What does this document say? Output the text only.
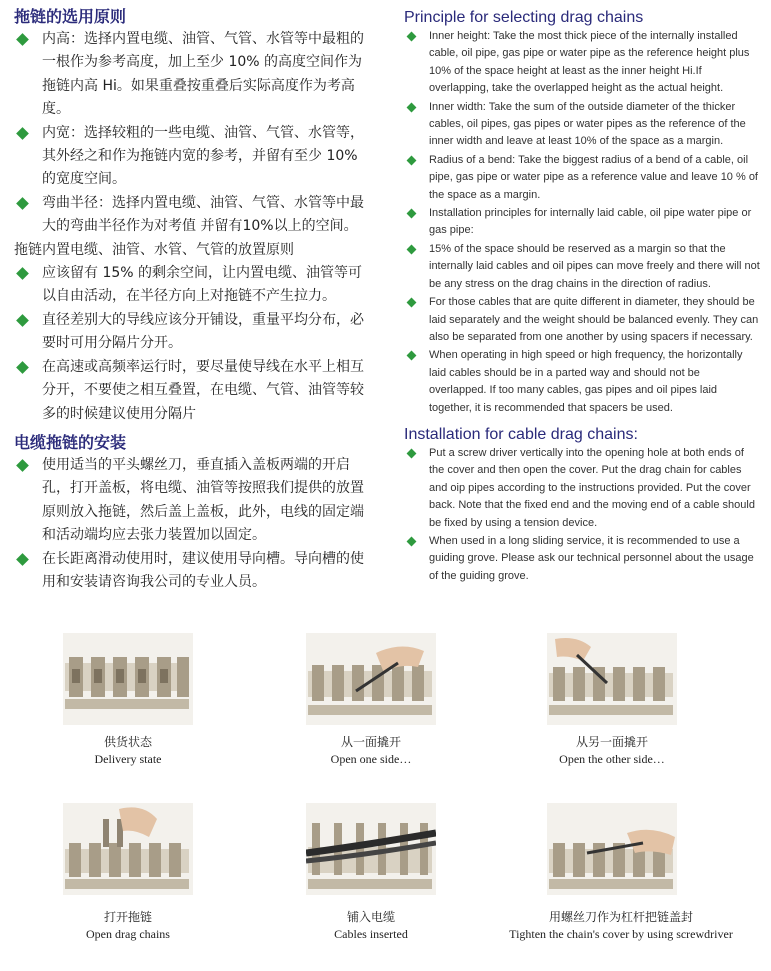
拖链的选用原则
内高：选择内置电缆、油管、气管、水管等中最粗的一根作为参考高度，加上至少 10% 的高度空间作为拖链内高 Hi。如果重叠按重叠后实际高度作为考高度。
内宽：选择较粗的一些电缆、油管、气管、水管等，其外经之和作为拖链内宽的参考，并留有至少 10% 的宽度空间。
弯曲半径：选择内置电缆、油管、气管、水管等中最大的弯曲半径作为对考值 并留有10%以上的空间。
拖链内置电缆、油管、水管、气管的放置原则
应该留有 15% 的剩余空间，让内置电缆、油管等可以自由活动，在半径方向上对拖链不产生拉力。
直径差别大的导线应该分开铺设，重量平均分布，必要时可用分隔片分开。
在高速或高频率运行时，要尽量使导线在水平上相互分开，不要使之相互叠置，在电缆、气管、油管等较多的时候建议使用分隔片
电缆拖链的安装
使用适当的平头螺丝刀，垂直插入盖板两端的开启孔，打开盖板，将电缆、油管等按照我们提供的放置原则放入拖链，然后盖上盖板，此外，电线的固定端和活动端均应去张力装置加以固定。
在长距离滑动使用时，建议使用导向槽。导向槽的使用和安装请咨询我公司的专业人员。
Principle for selecting drag chains
Inner height: Take the most thick piece of the internally installed cable, oil pipe, gas pipe or water pipe as the reference height plus 10% of the space height at least as the inner height Hi.If overlapping, take the overlapped height as the actual height.
Inner width: Take the sum of the outside diameter of the thicker cables, oil pipes, gas pipes or water pipes as the reference of the inner width and leave at least 10% of the space as a margin.
Radius of a bend: Take the biggest radius of a bend of a cable, oil pipe, gas pipe or water pipe as a reference value and leave 10 % of the space as a margin.
Installation principles for internally laid cable, oil pipe water pipe or gas pipe:
15% of the space should be reserved as a margin so that the internally laid cables and oil pipes can move freely and there will not be any stress on the drag chains in the direction of radius.
For those cables that are quite different in diameter, they should be laid separately and the weight should be balanced evenly. They can also be separated from one another by using spacers if necessary.
When operating in high speed or high frequency, the horizontally laid cables should be in a parted way and should not be overlapped. If too many cables, gas pipes and oil pipes laid together, it is recommended that spacers be used.
Installation for cable drag chains:
Put a screw driver vertically into the opening hole at both ends of the cover and then open the cover. Put the drag chain for cables and oip pipes according to the instructions provided. Put the cover back. Note that the fixed end and the moving end of a cable should be fixed by using a tension device.
When used in a long sliding service, it is recommended to use a guiding grove. Please ask our technical personnel about the usage of the guiding grove.
供货状态
Delivery state
从一面撬开
Open one side…
从另一面撬开
Open the other side…
打开拖链
Open drag chains
铺入电缆
Cables inserted
用螺丝刀作为杠杆把链盖封
Tighten the chain's cover by using screwdriver
